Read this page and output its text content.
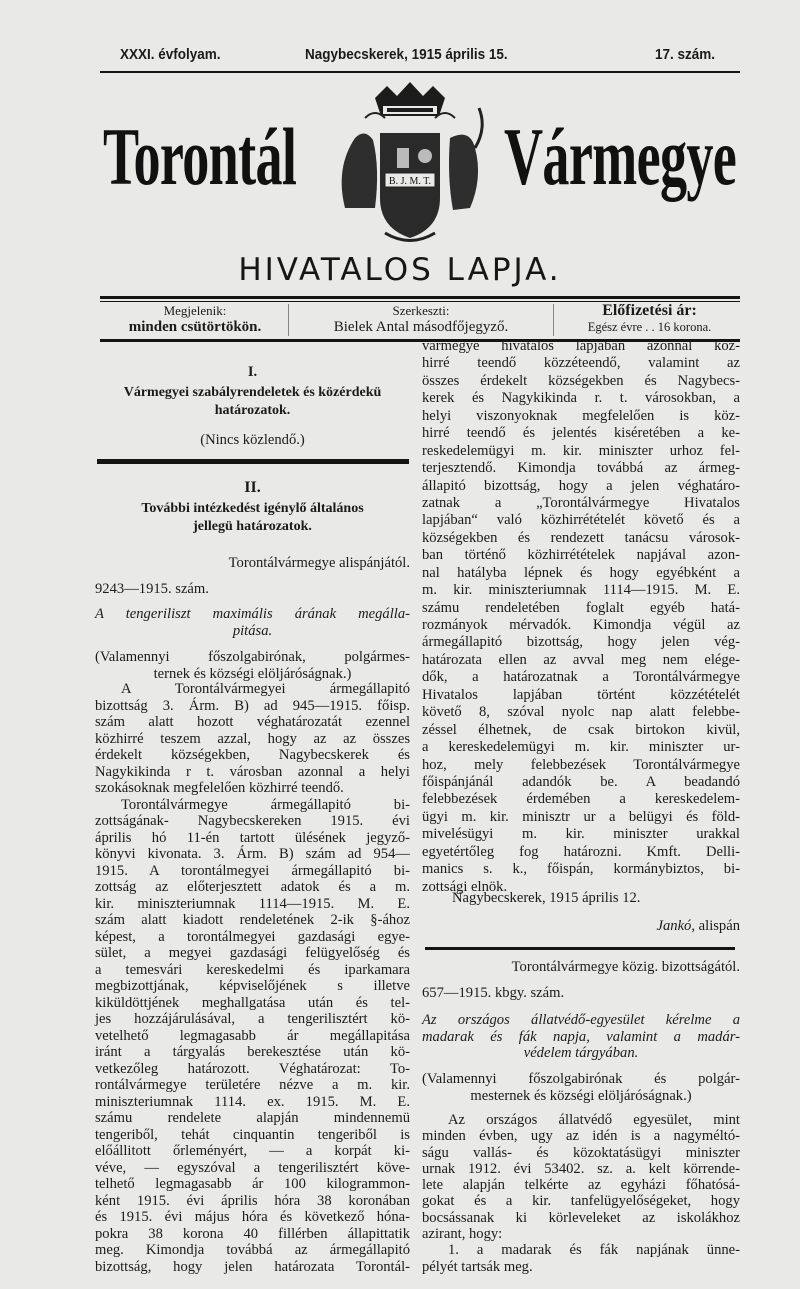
XXXI. évfolyam.	Nagybecskerek, 1915 április 15.	17. szám.
Torontál	Vármegye
B. J. M. T.
HIVATALOS LAPJA.
Megjelenik:
minden csütörtökön.
Szerkeszti:
Bielek Antal másodfőjegyző.
Előfizetési ár:
Egész évre . . 16 korona.
I.
Vármegyei szabályrendeletek és közérdekü
határozatok.
(Nincs közlendő.)
II.
További intézkedést igénylő általános
jellegü határozatok.
Torontálvármegye alispánjától.
9243—1915. szám.
A tengeriliszt maximális árának megálla-
pitása.
(Valamennyi főszolgabirónak, polgármes-
ternek és községi elöljáróságnak.)
A Torontálvármegyei ármegállapitó
bizottság 3. Árm. B) ad 945—1915. főisp.
szám alatt hozott véghatározatát ezennel
közhirré teszem azzal, hogy az az összes
érdekelt községekben, Nagybecskerek és
Nagykikinda r t. városban azonnal a helyi
szokásoknak megfelelően közhirré teendő.
Torontálvármegye ármegállapitó bi-
zottságának- Nagybecskereken 1915. évi
április hó 11-én tartott ülésének jegyző-
könyvi kivonata. 3. Árm. B) szám ad 954—
1915. A torontálmegyei ármegállapitó bi-
zottság az előterjesztett adatok és a m.
kir. miniszteriumnak 1114—1915. M. E.
szám alatt kiadott rendeletének 2-ik §-ához
képest, a torontálmegyei gazdasági egye-
sület, a megyei gazdasági felügyelőség és
a temesvári kereskedelmi és iparkamara
megbizottjának, képviselőjének s illetve
kiküldöttjének meghallgatása után és tel-
jes hozzájárulásával, a tengerilisztért kö-
vetelhető legmagasabb ár megállapitása
iránt a tárgyalás berekesztése után kö-
vetkezőleg határozott. Véghatározat: To-
rontálvármegye területére nézve a m. kir.
miniszteriumnak 1114. ex. 1915. M. E.
számu rendelete alapján mindennemü
tengeriből, tehát cinquantin tengeriből is
előállitott őrleményért, — a korpát ki-
véve, — egyszóval a tengerilisztért köve-
telhető legmagasabb ár 100 kilogrammon-
ként 1915. évi április hóra 38 koronában
és 1915. évi május hóra és következő hóna-
pokra 38 korona 40 fillérben állapittatik
meg. Kimondja továbbá az ármegállapitó
bizottság, hogy jelen határozata Torontál-
vármegye hivatalos lapjában azonnal köz-
hirré teendő közzéteendő, valamint az
összes érdekelt községekben és Nagybecs-
kerek és Nagykikinda r. t. városokban, a
helyi viszonyoknak megfelelően is köz-
hirré teendő és jelentés kiséretében a ke-
reskedelemügyi m. kir. miniszter urhoz fel-
terjesztendő. Kimondja továbbá az ármeg-
állapitó bizottság, hogy a jelen véghatáro-
zatnak a „Torontálvármegye Hivatalos
lapjában“ való közhirrétételét követő és a
községekben és rendezett tanácsu városok-
ban történő közhirrétételek napjával azon-
nal hatályba lépnek és hogy egyébként a
m. kir. miniszteriumnak 1114—1915. M. E.
számu rendeletében foglalt egyéb hatá-
rozmányok mérvadók. Kimondja végül az
ármegállapitó bizottság, hogy jelen vég-
határozata ellen az avval meg nem elége-
dők, a határozatnak a Torontálvármegye
Hivatalos lapjában történt közzétételét
követő 8, szóval nyolc nap alatt felebbe-
zéssel élhetnek, de csak birtokon kivül,
a kereskedelemügyi m. kir. miniszter ur-
hoz, mely felebbezések Torontálvármegye
főispánjánál adandók be. A beadandó
felebbezések érdemében a kereskedelem-
ügyi m. kir. minisztr ur a belügyi és föld-
mivelésügyi m. kir. miniszter urakkal
egyetértőleg fog határozni. Kmft. Delli-
manics s. k., főispán, kormánybiztos, bi-
zottsági elnök.
Nagybecskerek, 1915 április 12.
Jankó, alispán
Torontálvármegye közig. bizottságától.
657—1915. kbgy. szám.
Az országos állatvédő-egyesület kérelme a
madarak és fák napja, valamint a madár-
védelem tárgyában.
(Valamennyi főszolgabirónak és polgár-
mesternek és községi elöljáróságnak.)
Az országos állatvédő egyesület, mint
minden évben, ugy az idén is a nagyméltó-
ságu vallás- és közoktatásügyi miniszter
urnak 1912. évi 53402. sz. a. kelt körrende-
lete alapján telkérte az egyházi főhatósá-
gokat és a kir. tanfelügyelőségeket, hogy
bocsássanak ki körleveleket az iskolákhoz
azirant, hogy:
1. a madarak és fák napjának ünne-
pélyét tartsák meg.
